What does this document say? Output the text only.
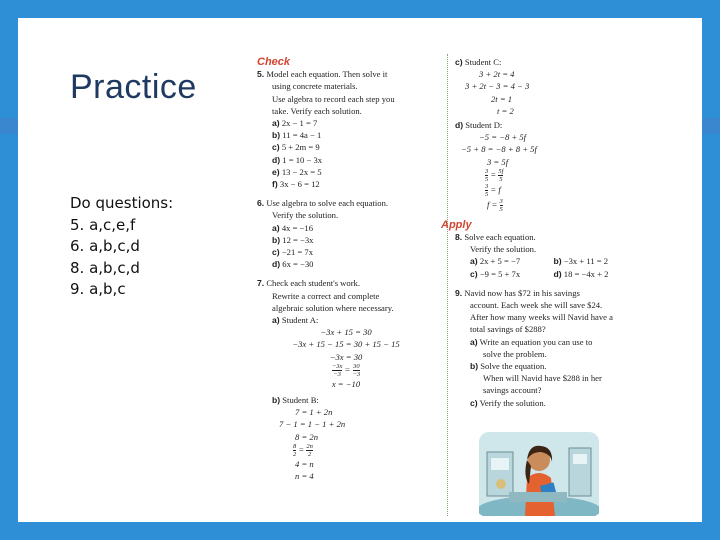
Practice
Do questions:
5. a,c,e,f
6. a,b,c,d
8. a,b,c,d
9. a,b,c
Check
5. Model each equation. Then solve it
using concrete materials.
Use algebra to record each step you
take. Verify each solution.
a) 2x − 1 = 7
b) 11 = 4a − 1
c) 5 + 2m = 9
d) 1 = 10 − 3x
e) 13 − 2x = 5
f) 3x − 6 = 12
6. Use algebra to solve each equation.
Verify the solution.
a) 4x = −16
b) 12 = −3x
c) −21 = 7x
d) 6x = −30
7. Check each student's work.
Rewrite a correct and complete
algebraic solution where necessary.
a) Student A:
−3x + 15 = 30
−3x + 15 − 15 = 30 + 15 − 15
−3x = 30
$\frac{-3x}{-3} = \frac{30}{-3}$
x = −10
b) Student B:
7 = 1 + 2n
7 − 1 = 1 − 1 + 2n
8 = 2n
$\frac{8}{2} = \frac{2n}{2}$
4 = n
n = 4
c) Student C:
3 + 2t = 4
3 + 2t − 3 = 4 − 3
2t = 1
t = 2
d) Student D:
−5 = −8 + 5f
−5 + 8 = −8 + 8 + 5f
3 = 5f
$\frac{3}{5} = \frac{5f}{5}$
$\frac{3}{5} = f$
$f = \frac{3}{5}$
Apply
8. Solve each equation.
Verify the solution.
a) 2x + 5 = −7	b) −3x + 11 = 2
c) −9 = 5 + 7x	d) 18 = −4x + 2
9. Navid now has $72 in his savings
account. Each week she will save $24.
After how many weeks will Navid have a
total savings of $288?
a) Write an equation you can use to
solve the problem.
b) Solve the equation.
When will Navid have $288 in her
savings account?
c) Verify the solution.
